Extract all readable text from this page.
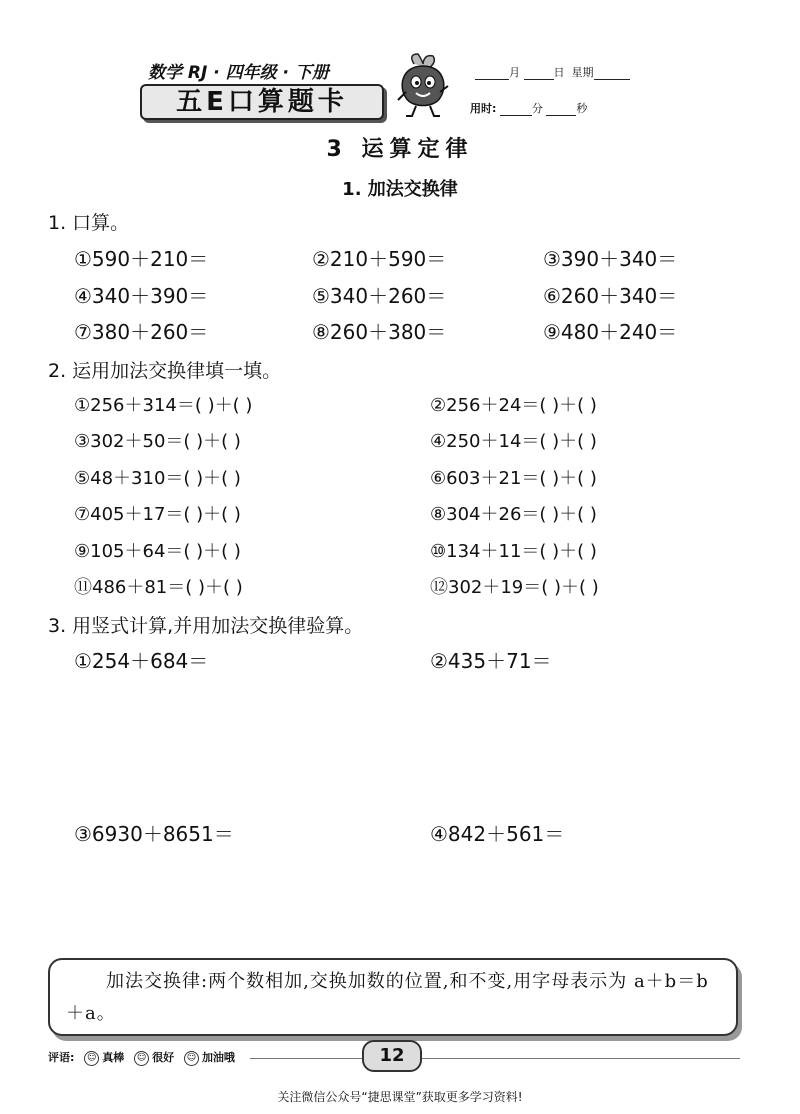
数学 RJ · 四年级 · 下册
五E口算题卡
月	日 星期
用时:	分	秒
3 运算定律
1. 加法交换律
1. 口算。
①590＋210＝	②210＋590＝	③390＋340＝
④340＋390＝	⑤340＋260＝	⑥260＋340＝
⑦380＋260＝	⑧260＋380＝	⑨480＋240＝
2. 运用加法交换律填一填。
①256＋314＝( )＋( )	②256＋24＝( )＋( )
③302＋50＝( )＋( )	④250＋14＝( )＋( )
⑤48＋310＝( )＋( )	⑥603＋21＝( )＋( )
⑦405＋17＝( )＋( )	⑧304＋26＝( )＋( )
⑨105＋64＝( )＋( )	⑩134＋11＝( )＋( )
⑪486＋81＝( )＋( )	⑫302＋19＝( )＋( )
3. 用竖式计算,并用加法交换律验算。
①254＋684＝	②435＋71＝
③6930＋8651＝	④842＋561＝
加法交换律:两个数相加,交换加数的位置,和不变,用字母表示为 a＋b＝b＋a。
评语: ☺ 真棒 ☺ 很好 ☺ 加油哦	12
关注微信公众号“捷思课堂”获取更多学习资料!
